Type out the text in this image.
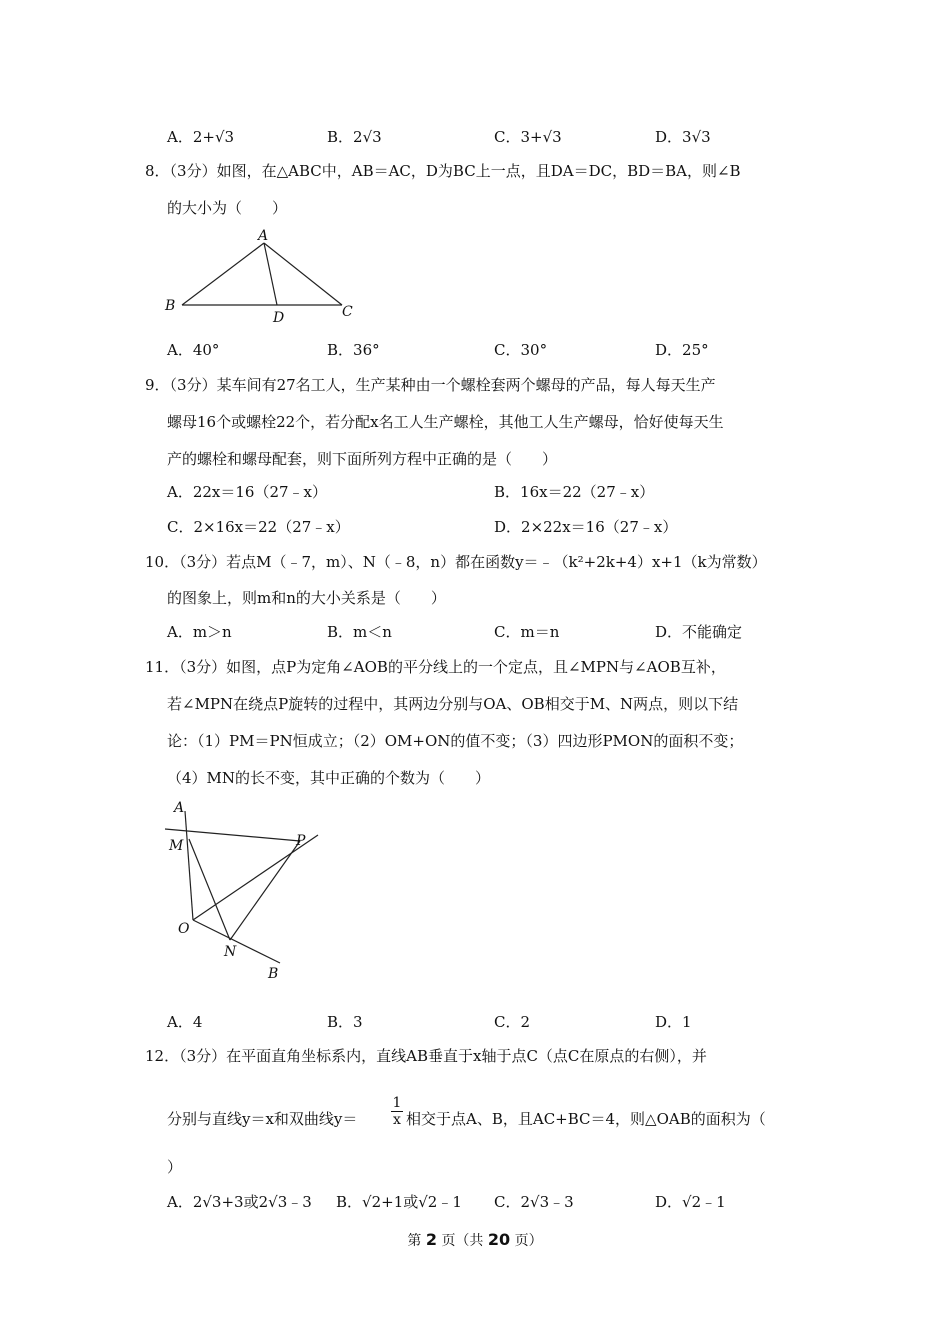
A．2+√3	B．2√3	C．3+√3	D．3√3
8．（3分）如图，在△ABC中，AB＝AC，D为BC上一点，且DA＝DC，BD＝BA，则∠B
的大小为（　　）
A
B
D	C
A．40°	B．36°	C．30°	D．25°
9．（3分）某车间有27名工人，生产某种由一个螺栓套两个螺母的产品，每人每天生产
螺母16个或螺栓22个，若分配x名工人生产螺栓，其他工人生产螺母，恰好使每天生
产的螺栓和螺母配套，则下面所列方程中正确的是（　　）
A．22x＝16（27﹣x）	B．16x＝22（27﹣x）
C．2×16x＝22（27﹣x）	D．2×22x＝16（27﹣x）
10．（3分）若点M（﹣7，m）、N（﹣8，n）都在函数y＝﹣（k²+2k+4）x+1（k为常数）
的图象上，则m和n的大小关系是（　　）
A．m＞n	B．m＜n	C．m＝n	D．不能确定
11．（3分）如图，点P为定角∠AOB的平分线上的一个定点，且∠MPN与∠AOB互补，
若∠MPN在绕点P旋转的过程中，其两边分别与OA、OB相交于M、N两点，则以下结
论：（1）PM＝PN恒成立；（2）OM+ON的值不变；（3）四边形PMON的面积不变；
（4）MN的长不变，其中正确的个数为（　　）
A
M	P
O
N
B
A．4	B．3	C．2	D．1
12．（3分）在平面直角坐标系内，直线AB垂直于x轴于点C（点C在原点的右侧），并
分别与直线y＝x和双曲线y＝
1
x 相交于点A、B，且AC+BC＝4，则△OAB的面积为（
）
A．2√3+3或2√3﹣3 B．√2+1或√2﹣1 C．2√3﹣3	D．√2﹣1
第 2 页（共 20 页）
